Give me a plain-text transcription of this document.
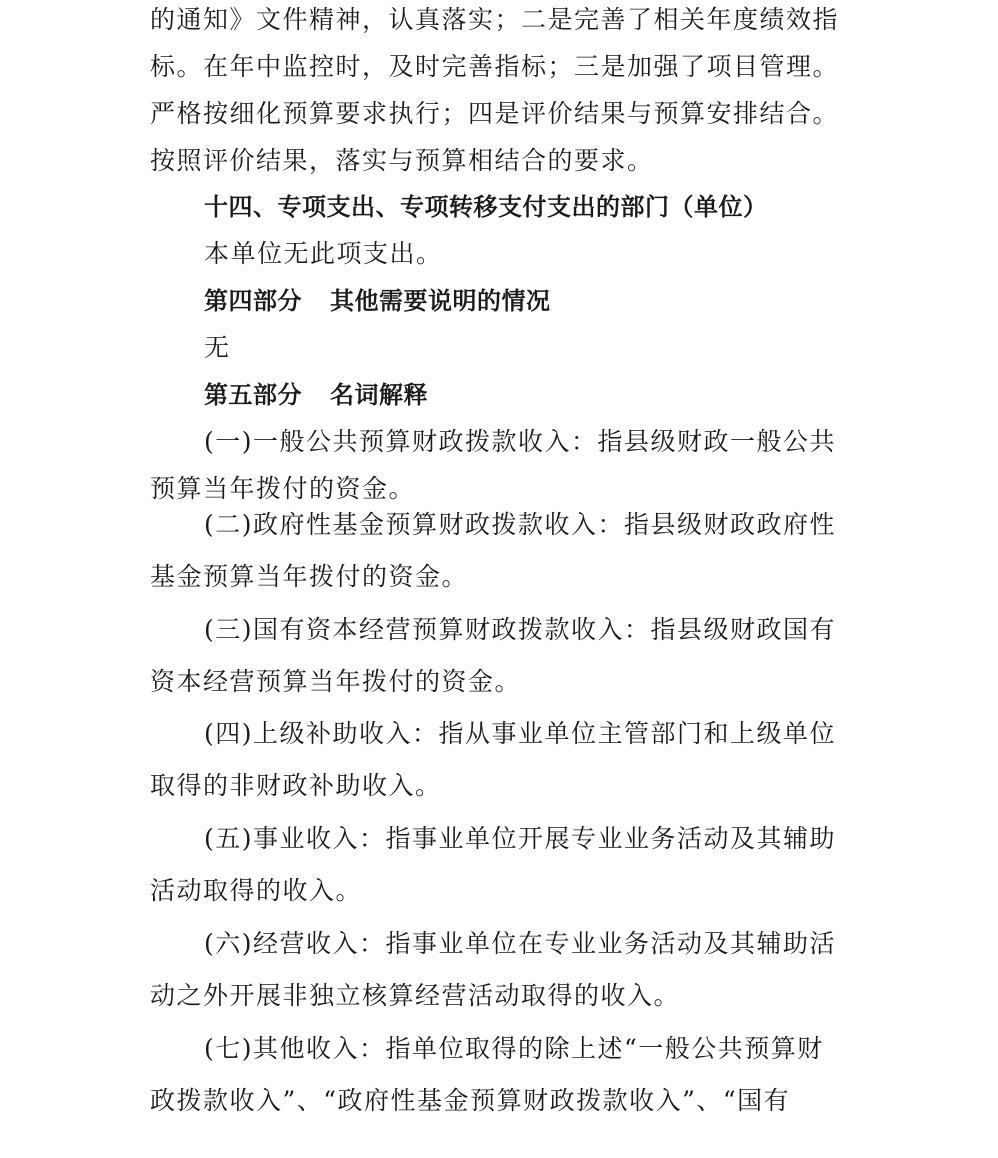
的通知》文件精神，认真落实；二是完善了相关年度绩效指
标。在年中监控时，及时完善指标；三是加强了项目管理。
严格按细化预算要求执行；四是评价结果与预算安排结合。
按照评价结果，落实与预算相结合的要求。
十四、专项支出、专项转移支付支出的部门（单位）
本单位无此项支出。
第四部分 其他需要说明的情况
无
第五部分 名词解释
(一)一般公共预算财政拨款收入：指县级财政一般公共
预算当年拨付的资金。
(二)政府性基金预算财政拨款收入：指县级财政政府性
基金预算当年拨付的资金。
(三)国有资本经营预算财政拨款收入：指县级财政国有
资本经营预算当年拨付的资金。
(四)上级补助收入：指从事业单位主管部门和上级单位
取得的非财政补助收入。
(五)事业收入：指事业单位开展专业业务活动及其辅助
活动取得的收入。
(六)经营收入：指事业单位在专业业务活动及其辅助活
动之外开展非独立核算经营活动取得的收入。
(七)其他收入：指单位取得的除上述“一般公共预算财
政拨款收入”、“政府性基金预算财政拨款收入”、“国有
